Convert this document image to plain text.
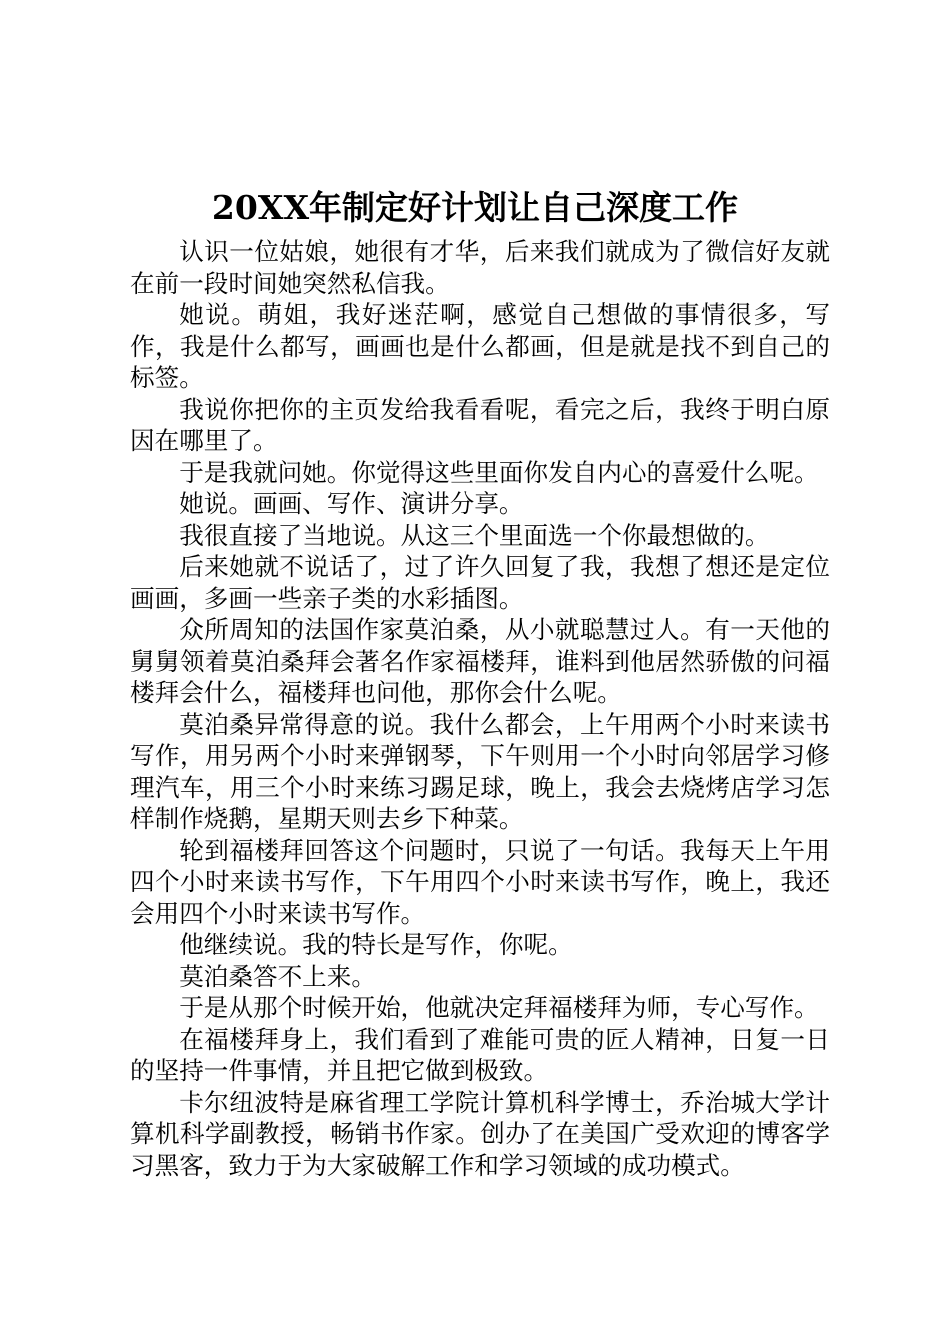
20XX年制定好计划让自己深度工作

认识一位姑娘，她很有才华，后来我们就成为了微信好友就在前一段时间她突然私信我。

她说。萌姐，我好迷茫啊，感觉自己想做的事情很多，写作，我是什么都写，画画也是什么都画，但是就是找不到自己的标签。

我说你把你的主页发给我看看呢，看完之后，我终于明白原因在哪里了。

于是我就问她。你觉得这些里面你发自内心的喜爱什么呢。

她说。画画、写作、演讲分享。

我很直接了当地说。从这三个里面选一个你最想做的。

后来她就不说话了，过了许久回复了我，我想了想还是定位画画，多画一些亲子类的水彩插图。

众所周知的法国作家莫泊桑，从小就聪慧过人。有一天他的舅舅领着莫泊桑拜会著名作家福楼拜，谁料到他居然骄傲的问福楼拜会什么，福楼拜也问他，那你会什么呢。

莫泊桑异常得意的说。我什么都会，上午用两个小时来读书写作，用另两个小时来弹钢琴，下午则用一个小时向邻居学习修理汽车，用三个小时来练习踢足球，晚上，我会去烧烤店学习怎样制作烧鹅，星期天则去乡下种菜。

轮到福楼拜回答这个问题时，只说了一句话。我每天上午用四个小时来读书写作，下午用四个小时来读书写作，晚上，我还会用四个小时来读书写作。

他继续说。我的特长是写作，你呢。

莫泊桑答不上来。

于是从那个时候开始，他就决定拜福楼拜为师，专心写作。

在福楼拜身上，我们看到了难能可贵的匠人精神，日复一日的坚持一件事情，并且把它做到极致。

卡尔纽波特是麻省理工学院计算机科学博士，乔治城大学计算机科学副教授，畅销书作家。创办了在美国广受欢迎的博客学习黑客，致力于为大家破解工作和学习领域的成功模式。
